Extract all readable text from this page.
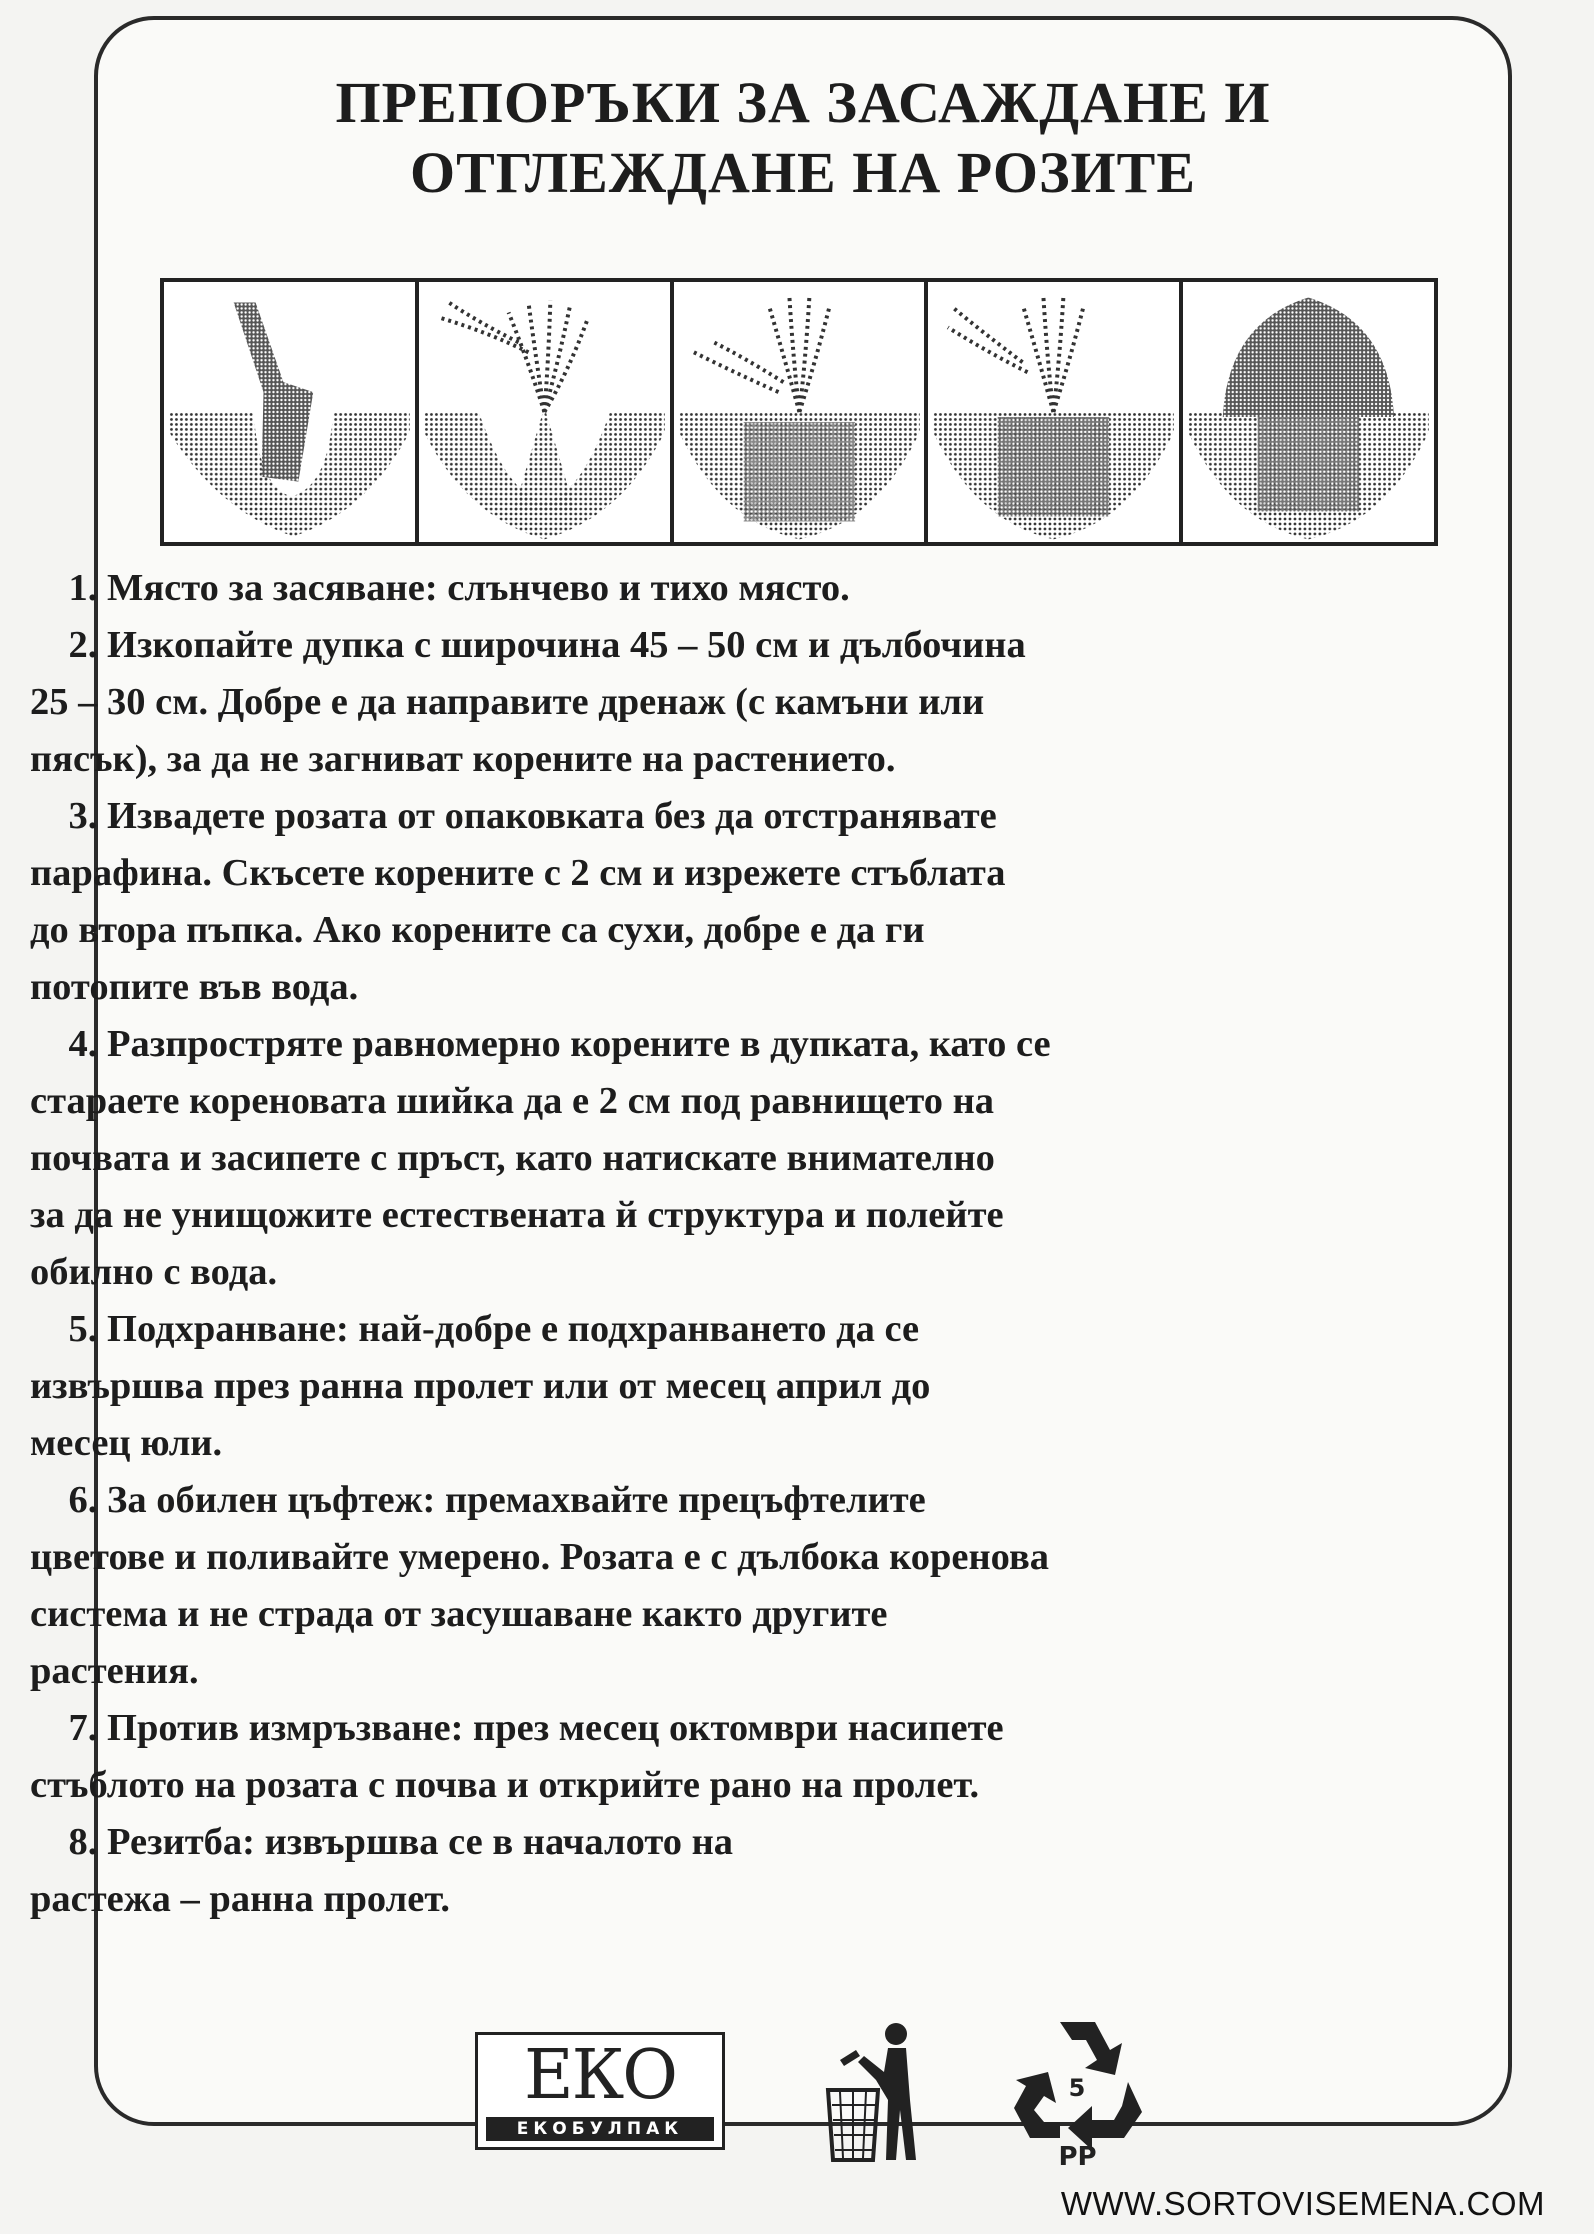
ПРЕПОРЪКИ ЗА ЗАСАЖДАНЕ И
ОТГЛЕЖДАНЕ НА РОЗИТЕ

1. Място за засяване: слънчево и тихо място.

2. Изкопайте дупка с широчина 45 – 50 см и дълбочина

25 – 30 см. Добре е да направите дренаж (с камъни или

пясък), за да не загниват корените на растението.

3. Извадете розата от опаковката без да отстранявате

парафина. Скъсете корените с 2 см и изрежете стъблата

до втора пъпка. Ако корените са сухи, добре е да ги

потопите във вода.

4. Разпростряте равномерно корените в дупката, като се

старaете кореновата шийка да е 2 см под равнището на

почвата и засипете с пръст, като натискате внимателно

за да не унищожите естествената й структура и полейте

обилно с вода.

5. Подхранване: най-добре е подхранването да се

извършва през ранна пролет или от месец април до

месец юли.

6. За обилен цъфтеж: премахвайте прецъфтелите

цветове и поливайте умерено. Розата е с дълбока коренова

система и не страда от засушаване както другите

растения.

7. Против измръзване: през месец октомври насипете

стъблото на розата с почва и открийте рано на пролет.

8. Резитба: извършва се в началото на

растежа – ранна пролет.

ЕКО
ЕКОБУЛПАК
5
PP
WWW.SORTOVISEMENA.COM
